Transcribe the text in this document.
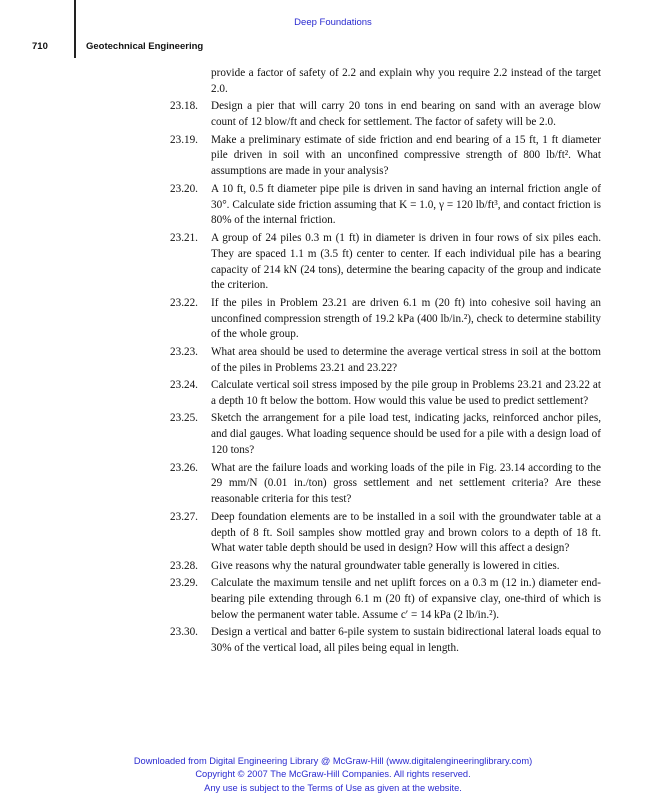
Deep Foundations
710	Geotechnical Engineering
provide a factor of safety of 2.2 and explain why you require 2.2 instead of the target 2.0.
23.18.	Design a pier that will carry 20 tons in end bearing on sand with an average blow count of 12 blow/ft and check for settlement. The factor of safety will be 2.0.
23.19.	Make a preliminary estimate of side friction and end bearing of a 15 ft, 1 ft diameter pile driven in soil with an unconfined compressive strength of 800 lb/ft². What assumptions are made in your analysis?
23.20.	A 10 ft, 0.5 ft diameter pipe pile is driven in sand having an internal friction angle of 30°. Calculate side friction assuming that K = 1.0, γ = 120 lb/ft³, and contact friction is 80% of the internal friction.
23.21.	A group of 24 piles 0.3 m (1 ft) in diameter is driven in four rows of six piles each. They are spaced 1.1 m (3.5 ft) center to center. If each individual pile has a bearing capacity of 214 kN (24 tons), determine the bearing capacity of the group and indicate the criterion.
23.22.	If the piles in Problem 23.21 are driven 6.1 m (20 ft) into cohesive soil having an unconfined compression strength of 19.2 kPa (400 lb/in.²), check to determine stability of the whole group.
23.23.	What area should be used to determine the average vertical stress in soil at the bottom of the piles in Problems 23.21 and 23.22?
23.24.	Calculate vertical soil stress imposed by the pile group in Problems 23.21 and 23.22 at a depth 10 ft below the bottom. How would this value be used to predict settlement?
23.25.	Sketch the arrangement for a pile load test, indicating jacks, reinforced anchor piles, and dial gauges. What loading sequence should be used for a pile with a design load of 120 tons?
23.26.	What are the failure loads and working loads of the pile in Fig. 23.14 according to the 29 mm/N (0.01 in./ton) gross settlement and net settlement criteria? Are these reasonable criteria for this test?
23.27.	Deep foundation elements are to be installed in a soil with the groundwater table at a depth of 8 ft. Soil samples show mottled gray and brown colors to a depth of 18 ft. What water table depth should be used in design? How will this affect a design?
23.28.	Give reasons why the natural groundwater table generally is lowered in cities.
23.29.	Calculate the maximum tensile and net uplift forces on a 0.3 m (12 in.) diameter end-bearing pile extending through 6.1 m (20 ft) of expansive clay, one-third of which is below the permanent water table. Assume c′ = 14 kPa (2 lb/in.²).
23.30.	Design a vertical and batter 6-pile system to sustain bidirectional lateral loads equal to 30% of the vertical load, all piles being equal in length.
Downloaded from Digital Engineering Library @ McGraw-Hill (www.digitalengineeringlibrary.com)
Copyright © 2007 The McGraw-Hill Companies. All rights reserved.
Any use is subject to the Terms of Use as given at the website.
